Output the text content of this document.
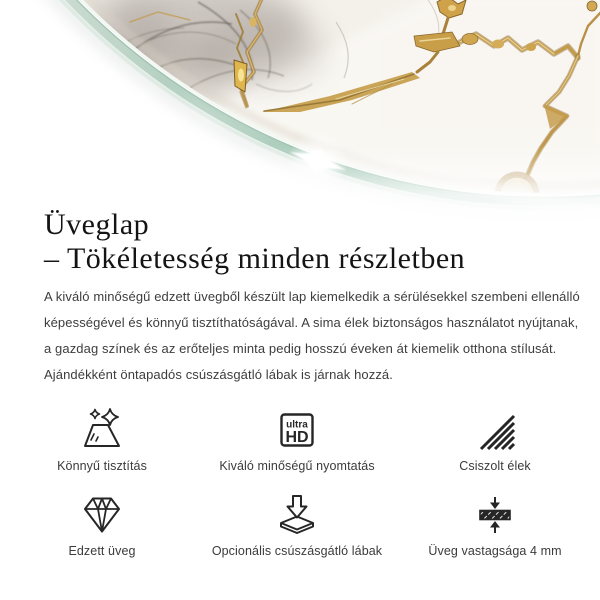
Üveglap
– Tökéletesség minden részletben
A kiváló minőségű edzett üvegből készült lap kiemelkedik a sérülésekkel szembeni ellenálló
képességével és könnyű tisztíthatóságával. A sima élek biztonságos használatot nyújtanak,
a gazdag színek és az erőteljes minta pedig hosszú éveken át kiemelik otthona stílusát.
Ajándékként öntapadós csúszásgátló lábak is járnak hozzá.
Könnyű tisztítás
ultra
HD
Kiváló minőségű nyomtatás	Csiszolt élek
Edzett üveg	Opcionális csúszásgátló lábak	Üveg vastagsága 4 mm
